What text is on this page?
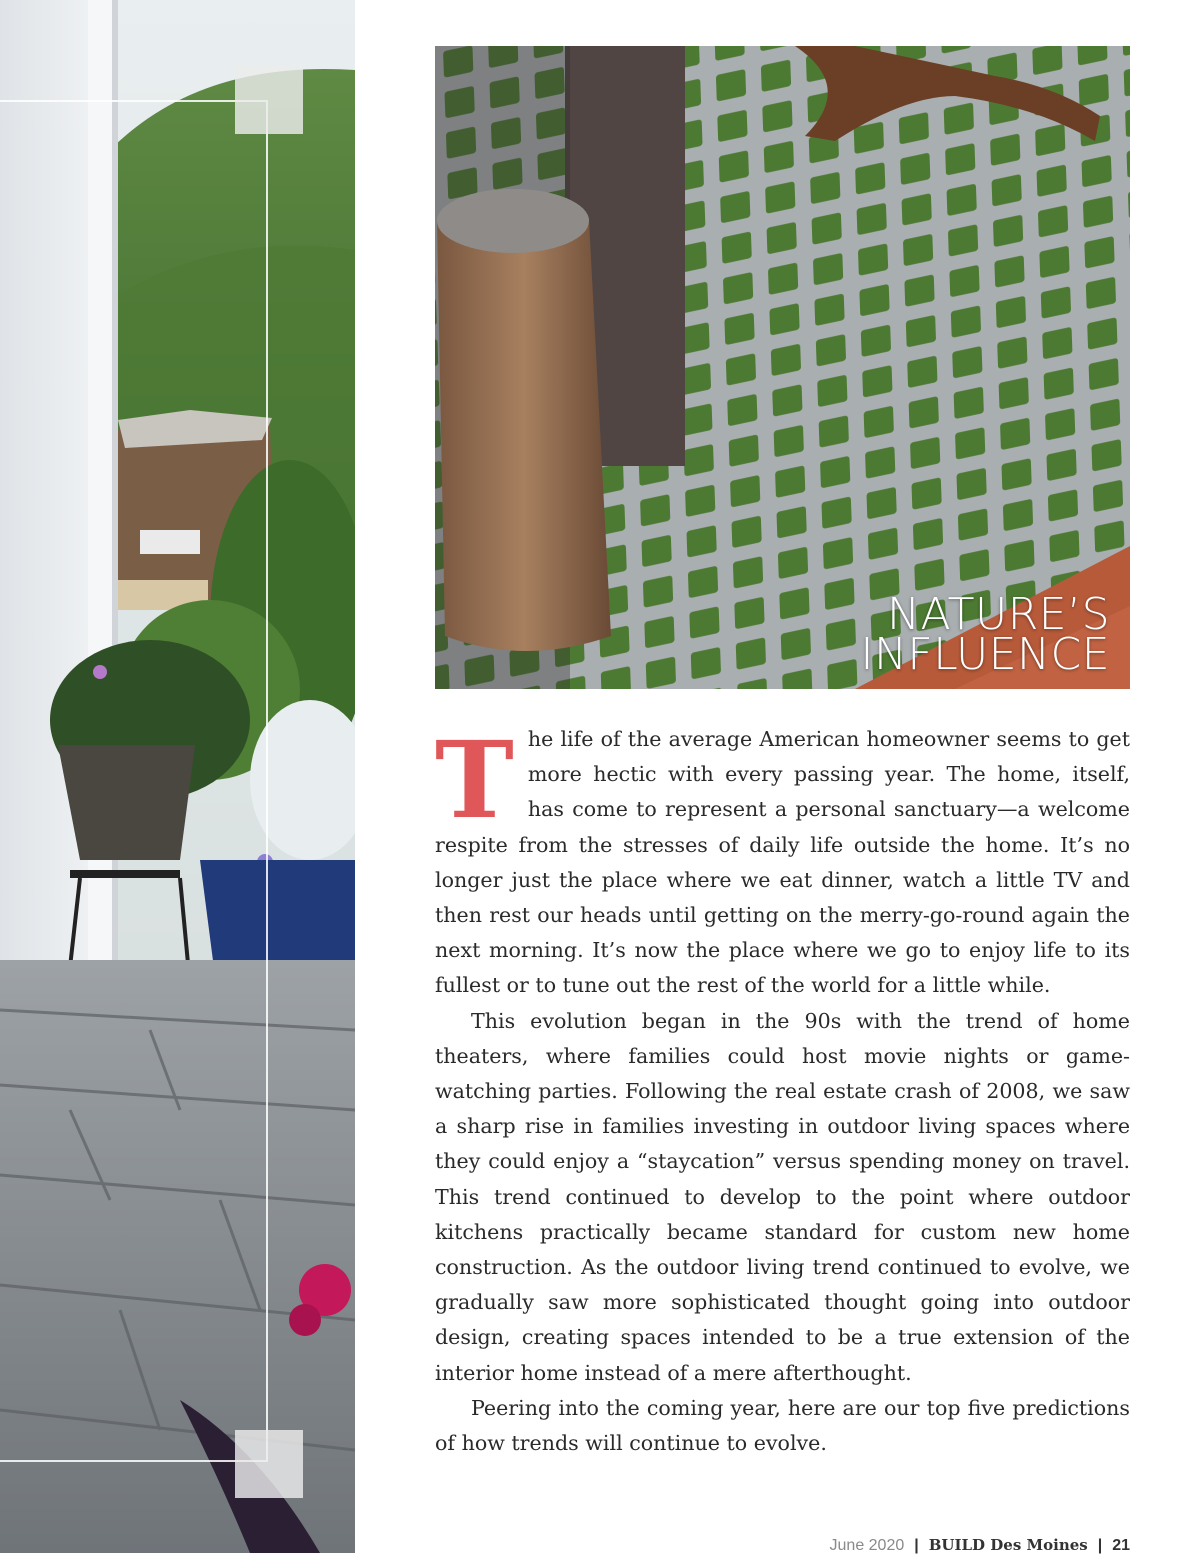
NATURE’S
INFLUENCE

The life of the average American homeowner seems to get more hectic with every passing year. The home, itself, has come to represent a personal sanctuary—a welcome respite from the stresses of daily life outside the home. It’s no longer just the place where we eat dinner, watch a little TV and then rest our heads until getting on the merry-go-round again the next morning. It’s now the place where we go to enjoy life to its fullest or to tune out the rest of the world for a little while.

This evolution began in the 90s with the trend of home theaters, where families could host movie nights or game-watching parties. Following the real estate crash of 2008, we saw a sharp rise in families investing in outdoor living spaces where they could enjoy a “staycation” versus spending money on travel. This trend continued to develop to the point where outdoor kitchens practically became standard for custom new home construction. As the outdoor living trend continued to evolve, we gradually saw more sophisticated thought going into outdoor design, creating spaces intended to be a true extension of the interior home instead of a mere afterthought.

Peering into the coming year, here are our top five predictions of how trends will continue to evolve.

June 2020 | BUILD Des Moines | 21
